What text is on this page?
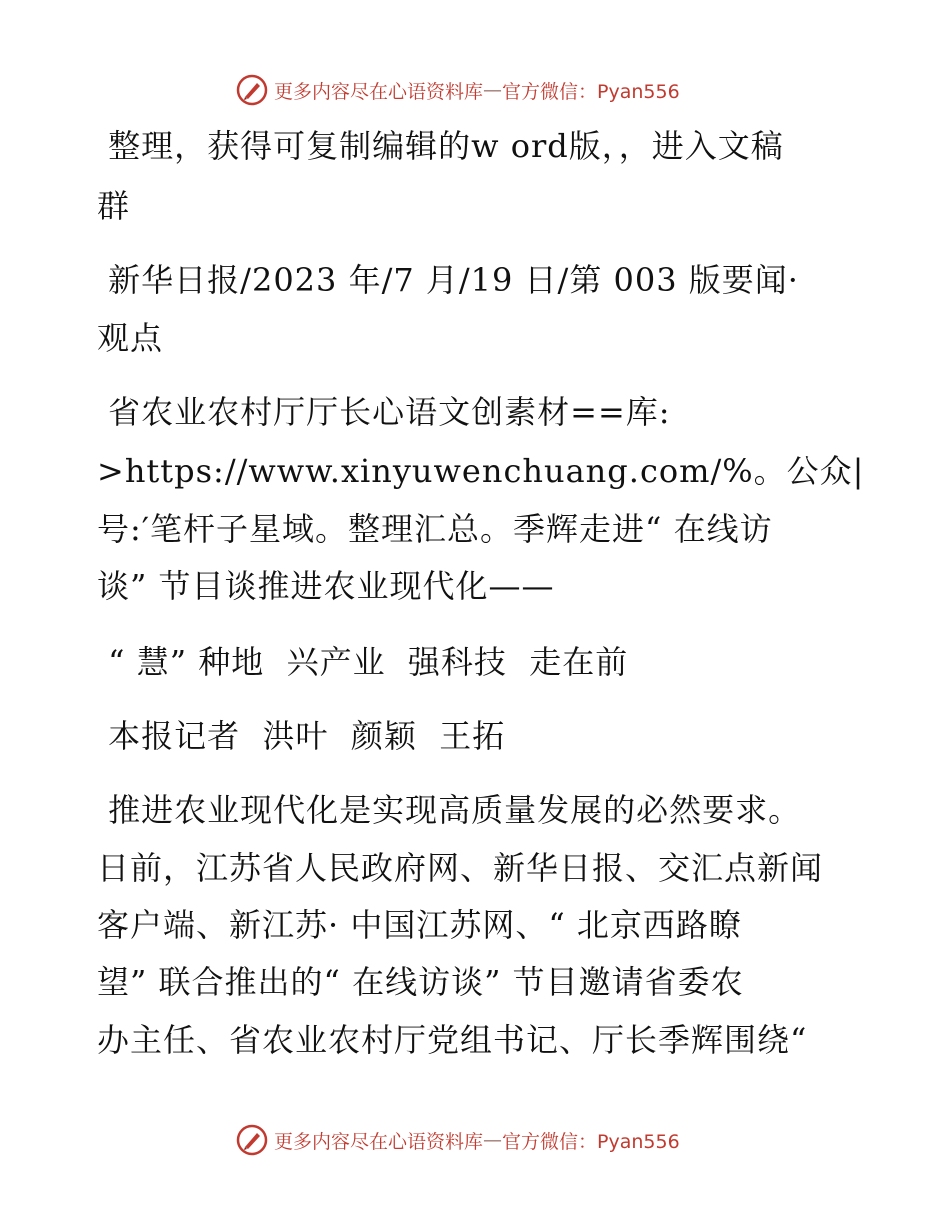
更多内容尽在心语资料库 — 官方微信：Pyan556
整理，获得可复制编辑的w ord版，，进入文稿
群
新华日报/2023 年/7 月/19 日/第 003 版要闻·
观点
省农业农村厅厅长心语文创素材==库:
>https://www.xinyuwenchuang.com/%。公众|
号:′笔杆子星域。整理汇总。季辉走进“ 在线访
谈” 节目谈推进农业现代化——
“ 慧” 种地  兴产业  强科技  走在前
本报记者  洪叶  颜颖  王拓
推进农业现代化是实现高质量发展的必然要求。
日前，江苏省人民政府网、新华日报、交汇点新闻
客户端、新江苏· 中国江苏网、“ 北京西路瞭
望” 联合推出的“ 在线访谈” 节目邀请省委农
办主任、省农业农村厅党组书记、厅长季辉围绕“
更多内容尽在心语资料库 — 官方微信：Pyan556
